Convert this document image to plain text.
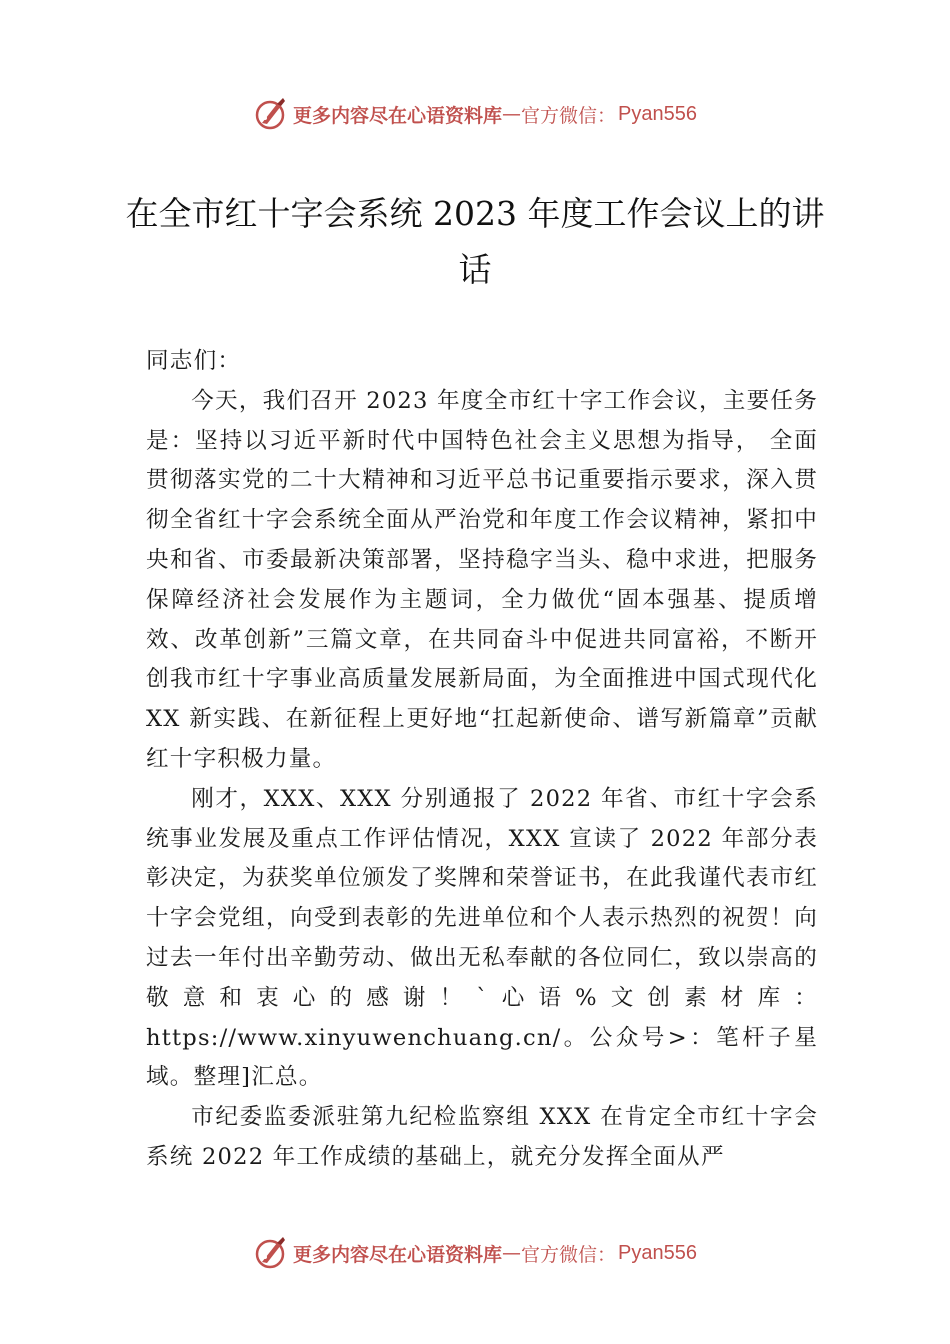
更多内容尽在心语资料库 — 官方微信： Pyan556
在全市红十字会系统 2023 年度工作会议上的讲话

同志们：

今天，我们召开 2023 年度全市红十字工作会议，主要任务是：坚持以习近平新时代中国特色社会主义思想为指导， 全面贯彻落实党的二十大精神和习近平总书记重要指示要求，深入贯彻全省红十字会系统全面从严治党和年度工作会议精神，紧扣中央和省、市委最新决策部署，坚持稳字当头、稳中求进，把服务保障经济社会发展作为主题词，全力做优“固本强基、提质增效、改革创新”三篇文章，在共同奋斗中促进共同富裕，不断开创我市红十字事业高质量发展新局面，为全面推进中国式现代化 XX 新实践、在新征程上更好地“扛起新使命、谱写新篇章”贡献红十字积极力量。

刚才，XXX、XXX 分别通报了 2022 年省、市红十字会系统事业发展及重点工作评估情况，XXX 宣读了 2022 年部分表彰决定，为获奖单位颁发了奖牌和荣誉证书，在此我谨代表市红十字会党组，向受到表彰的先进单位和个人表示热烈的祝贺！向过去一年付出辛勤劳动、做出无私奉献的各位同仁，致以崇高的敬意和衷心的感谢！`心语%文创素材库：https://www.xinyuwenchuang.cn/。公众号>：笔杆子星域。整理]汇总。

市纪委监委派驻第九纪检监察组 XXX 在肯定全市红十字会系统 2022 年工作成绩的基础上，就充分发挥全面从严

更多内容尽在心语资料库 — 官方微信： Pyan556
